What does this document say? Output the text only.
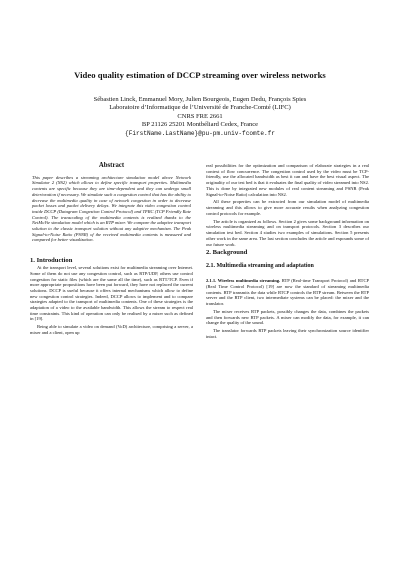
Video quality estimation of DCCP streaming over wireless networks
Sébastien Linck, Emmanuel Mory, Julien Bourgeois, Eugen Dedu, François Spies
Laboratoire d’Informatique de l’Université de Franche-Comté (LIFC)
CNRS FRE 2661
BP 21126 25201 Montbéliard Cedex, France
{FirstName.LastName}@pu-pm.univ-fcomte.fr
Abstract
This paper describes a streaming architecture simulation model above Network Simulator 2 (NS2) which allows to define specific transport properties. Multimedia contents are specific because they are time-dependent and they can undergo small deterioration if necessary. We simulate such a congestion control that has the ability to decrease the multimedia quality in case of network congestion in order to decrease packet losses and packet delivery delays. We integrate this video congestion control inside DCCP (Datagram Congestion Control Protocol) and TFRC (TCP Friendly Rate Control). The transcoding of the multimedia contents is realized thanks to the NetMoVie simulation model which is an RTP mixer. We compare the adaptive transport solution to the classic transport solution without any adaptive mechanism. The Peak Signal-to-Noise Ratio (PSNR) of the received multimedia contents is measured and compared for better visualization.
1. Introduction

At the transport level, several solutions exist for multimedia streaming over Internet. Some of them do not use any congestion control, such as RTP/UDP, others use control congestion for static files (which are the same all the time), such as RTT/TCP. Even if more appropriate propositions have been put forward, they have not replaced the current solutions. DCCP is useful because it offers internal mechanisms which allow to define new congestion control strategies. Indeed, DCCP allows to implement and to compare strategies adapted to the transport of multimedia contents. One of these strategies is the adaptation of a video to the available bandwidth. This allows the stream to respect real time constraints. This kind of operation can only be realised by a mixer such as defined in [19].

Being able to simulate a video on demand (VoD) architecture, comprising a server, a mixer and a client, open up

real possibilities for the optimization and comparison of elaborate strategies in a real context of flow concurrence. The congestion control used by the video must be TCP-friendly, use the allocated bandwidth as best it can and have the best visual aspect. The originality of our test bed is that it evaluates the final quality of video streamed into NS2. This is done by integrated new modules of real content streaming and PSNR (Peak Signal-to-Noise Ratio) calculation into NS2.

All these properties can be extracted from our simulation model of multimedia streaming and this allows to give more accurate results when analyzing congestion control protocols for example.

The article is organized as follows. Section 2 gives some background information on wireless multimedia streaming and on transport protocols. Section 3 describes our simulation test bed. Section 4 studies two examples of simulations. Section 5 presents other work in the same area. The last section concludes the article and expounds some of our future work.

2. Background
2.1. Multimedia streaming and adaptation

2.1.1. Wireless multimedia streaming. RTP (Real-time Transport Protocol) and RTCP (Real Time Control Protocol) [19] are now the standard of streaming multimedia contents. RTP transmits the data while RTCP controls the RTP stream. Between the RTP server and the RTP client, two intermediate systems can be placed: the mixer and the translator.

The mixer receives RTP packets, possibly changes the data, combines the packets and then forwards new RTP packets. A mixer can modify the data, for example, it can change the quality of the sound.

The translator forwards RTP packets leaving their synchronization source identifier intact.
